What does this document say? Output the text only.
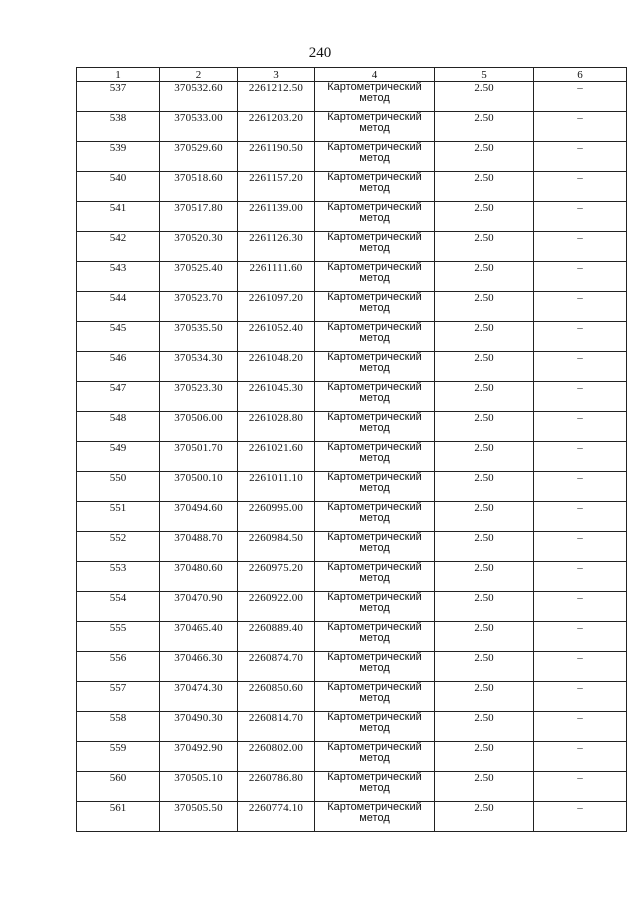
240
1	2	3	4	5	6
537	370532.60	2261212.50	Картометрический метод	2.50	–
538	370533.00	2261203.20	Картометрический метод	2.50	–
539	370529.60	2261190.50	Картометрический метод	2.50	–
540	370518.60	2261157.20	Картометрический метод	2.50	–
541	370517.80	2261139.00	Картометрический метод	2.50	–
542	370520.30	2261126.30	Картометрический метод	2.50	–
543	370525.40	2261111.60	Картометрический метод	2.50	–
544	370523.70	2261097.20	Картометрический метод	2.50	–
545	370535.50	2261052.40	Картометрический метод	2.50	–
546	370534.30	2261048.20	Картометрический метод	2.50	–
547	370523.30	2261045.30	Картометрический метод	2.50	–
548	370506.00	2261028.80	Картометрический метод	2.50	–
549	370501.70	2261021.60	Картометрический метод	2.50	–
550	370500.10	2261011.10	Картометрический метод	2.50	–
551	370494.60	2260995.00	Картометрический метод	2.50	–
552	370488.70	2260984.50	Картометрический метод	2.50	–
553	370480.60	2260975.20	Картометрический метод	2.50	–
554	370470.90	2260922.00	Картометрический метод	2.50	–
555	370465.40	2260889.40	Картометрический метод	2.50	–
556	370466.30	2260874.70	Картометрический метод	2.50	–
557	370474.30	2260850.60	Картометрический метод	2.50	–
558	370490.30	2260814.70	Картометрический метод	2.50	–
559	370492.90	2260802.00	Картометрический метод	2.50	–
560	370505.10	2260786.80	Картометрический метод	2.50	–
561	370505.50	2260774.10	Картометрический метод	2.50	–
